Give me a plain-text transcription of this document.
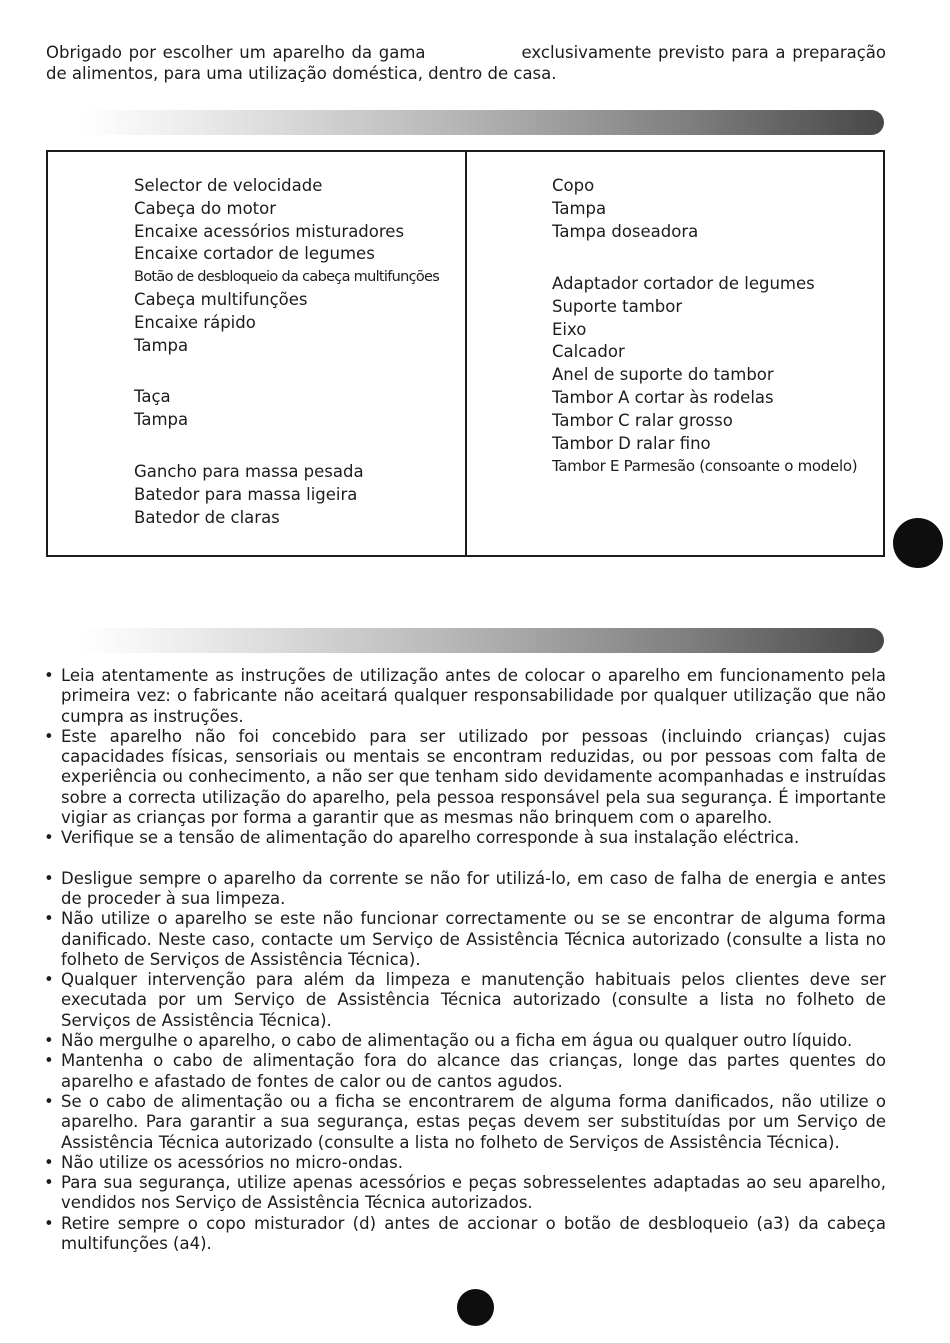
Obrigado por escolher um aparelho da gama	exclusivamente previsto para a preparação de alimentos, para uma utilização doméstica, dentro de casa.

Selector de velocidade
Cabeça do motor
Encaixe acessórios misturadores
Encaixe cortador de legumes
Botão de desbloqueio da cabeça multifunções
Cabeça multifunções
Encaixe rápido
Tampa
Taça
Tampa
Gancho para massa pesada
Batedor para massa ligeira
Batedor de claras
Copo
Tampa
Tampa doseadora
Adaptador cortador de legumes
Suporte tambor
Eixo
Calcador
Anel de suporte do tambor
Tambor A cortar às rodelas
Tambor C ralar grosso
Tambor D ralar fino
Tambor E Parmesão (consoante o modelo)
• Leia atentamente as instruções de utilização antes de colocar o aparelho em funcionamento pela primeira vez: o fabricante não aceitará qualquer responsabilidade por qualquer utilização que não cumpra as instruções.
• Este aparelho não foi concebido para ser utilizado por pessoas (incluindo crianças) cujas capacidades físicas, sensoriais ou mentais se encontram reduzidas, ou por pessoas com falta de experiência ou conhecimento, a não ser que tenham sido devidamente acompanhadas e instruídas sobre a correcta utilização do aparelho, pela pessoa responsável pela sua segurança. É importante vigiar as crianças por forma a garantir que as mesmas não brinquem com o aparelho.
• Verifique se a tensão de alimentação do aparelho corresponde à sua instalação eléctrica.
• Desligue sempre o aparelho da corrente se não for utilizá-lo, em caso de falha de energia e antes de proceder à sua limpeza.
• Não utilize o aparelho se este não funcionar correctamente ou se se encontrar de alguma forma danificado. Neste caso, contacte um Serviço de Assistência Técnica autorizado (consulte a lista no folheto de Serviços de Assistência Técnica).
• Qualquer intervenção para além da limpeza e manutenção habituais pelos clientes deve ser executada por um Serviço de Assistência Técnica autorizado (consulte a lista no folheto de Serviços de Assistência Técnica).
• Não mergulhe o aparelho, o cabo de alimentação ou a ficha em água ou qualquer outro líquido.
• Mantenha o cabo de alimentação fora do alcance das crianças, longe das partes quentes do aparelho e afastado de fontes de calor ou de cantos agudos.
• Se o cabo de alimentação ou a ficha se encontrarem de alguma forma danificados, não utilize o aparelho. Para garantir a sua segurança, estas peças devem ser substituídas por um Serviço de Assistência Técnica autorizado (consulte a lista no folheto de Serviços de Assistência Técnica).
• Não utilize os acessórios no micro-ondas.
• Para sua segurança, utilize apenas acessórios e peças sobresselentes adaptadas ao seu aparelho, vendidos nos Serviço de Assistência Técnica autorizados.
• Retire sempre o copo misturador (d) antes de accionar o botão de desbloqueio (a3) da cabeça multifunções (a4).
